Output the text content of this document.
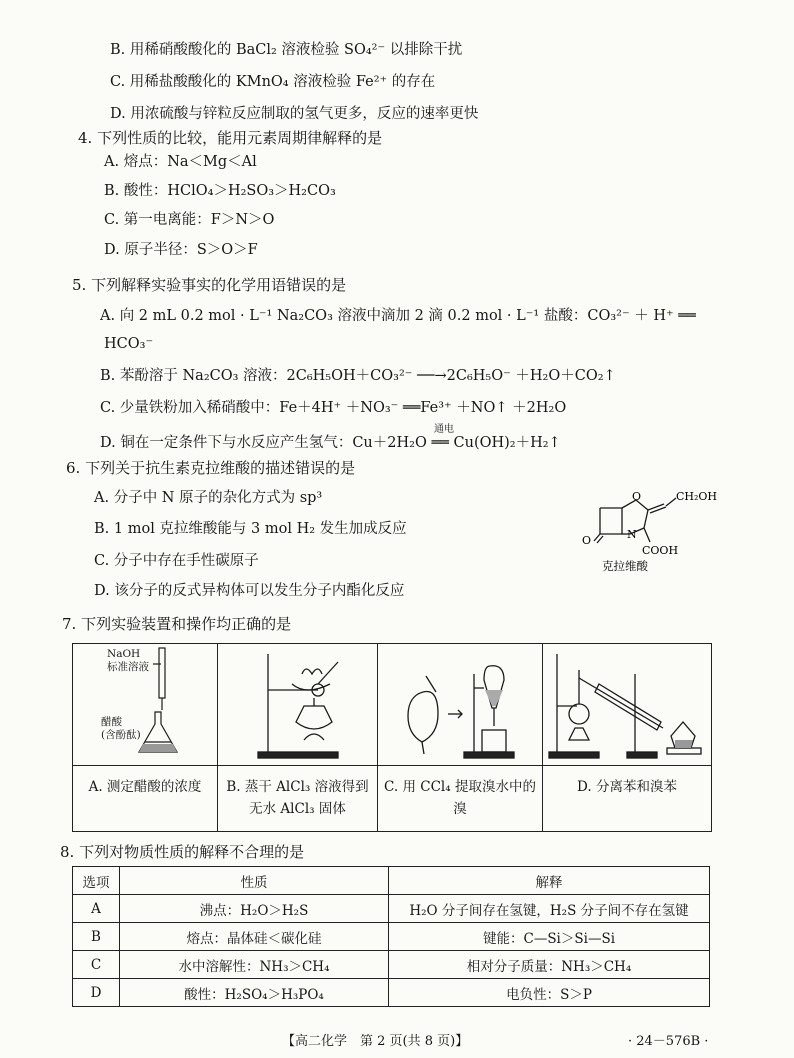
B. 用稀硝酸酸化的 BaCl₂ 溶液检验 SO₄²⁻ 以排除干扰
C. 用稀盐酸酸化的 KMnO₄ 溶液检验 Fe²⁺ 的存在
D. 用浓硫酸与锌粒反应制取的氢气更多，反应的速率更快
4. 下列性质的比较，能用元素周期律解释的是
A. 熔点：Na＜Mg＜Al
B. 酸性：HClO₄＞H₂SO₃＞H₂CO₃
C. 第一电离能：F＞N＞O
D. 原子半径：S＞O＞F
5. 下列解释实验事实的化学用语错误的是
A. 向 2 mL 0.2 mol · L⁻¹ Na₂CO₃ 溶液中滴加 2 滴 0.2 mol · L⁻¹ 盐酸：CO₃²⁻ ＋ H⁺ ══
HCO₃⁻
B. 苯酚溶于 Na₂CO₃ 溶液：2C₆H₅OH＋CO₃²⁻ ──→2C₆H₅O⁻ ＋H₂O＋CO₂↑
C. 少量铁粉加入稀硝酸中：Fe＋4H⁺ ＋NO₃⁻ ══Fe³⁺ ＋NO↑ ＋2H₂O
通电
D. 铜在一定条件下与水反应产生氢气：Cu＋2H₂O ══ Cu(OH)₂＋H₂↑
6. 下列关于抗生素克拉维酸的描述错误的是
A. 分子中 N 原子的杂化方式为 sp³
B. 1 mol 克拉维酸能与 3 mol H₂ 发生加成反应
C. 分子中存在手性碳原子
D. 该分子的反式异构体可以发生分子内酯化反应
O
N
O
CH₂OH
COOH
克拉维酸
7. 下列实验装置和操作均正确的是
NaOH
标准溶液
醋酸
(含酚酞)
A. 测定醋酸的浓度	B. 蒸干 AlCl₃ 溶液得到无水 AlCl₃ 固体
C. 用 CCl₄ 提取溴水中的溴
D. 分离苯和溴苯
8. 下列对物质性质的解释不合理的是
选项	性质	解释
A	沸点：H₂O＞H₂S	H₂O 分子间存在氢键，H₂S 分子间不存在氢键
B	熔点：晶体硅＜碳化硅	键能：C—Si＞Si—Si
C	水中溶解性：NH₃＞CH₄	相对分子质量：NH₃＞CH₄
D	酸性：H₂SO₄＞H₃PO₄	电负性：S＞P
【高二化学　第 2 页(共 8 页)】	· 24－576B ·
